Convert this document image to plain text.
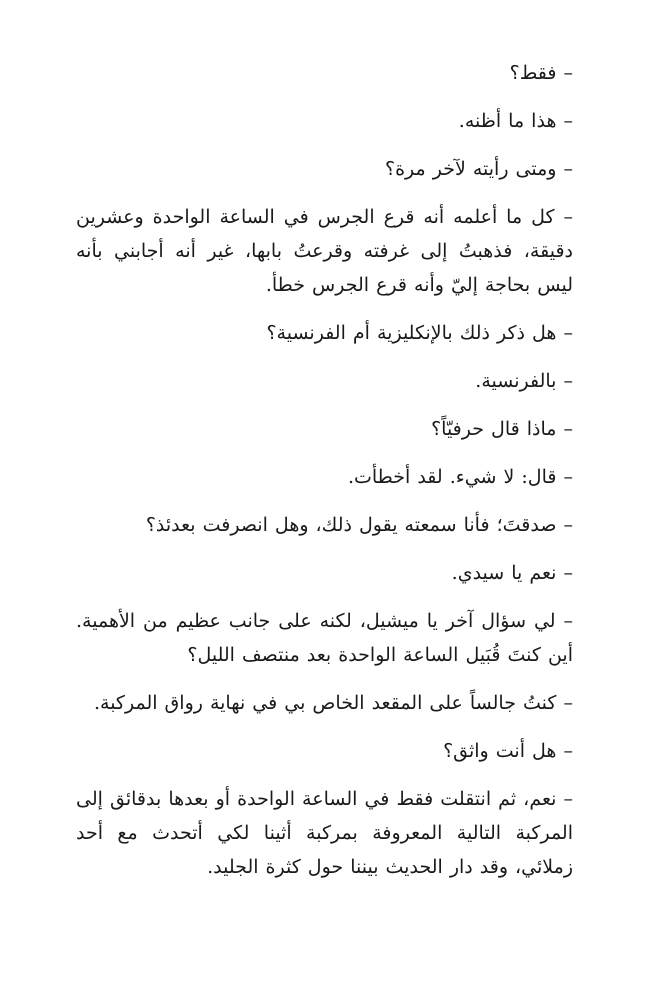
– فقط؟

– هذا ما أظنه.

– ومتى رأيته لآخر مرة؟

– كل ما أعلمه أنه قرع الجرس في الساعة الواحدة وعشرين دقيقة، فذهبتُ إلى غرفته وقرعتُ بابها، غير أنه أجابني بأنه ليس بحاجة إليّ وأنه قرع الجرس خطأ.

– هل ذكر ذلك بالإنكليزية أم الفرنسية؟

– بالفرنسية.

– ماذا قال حرفيّاً؟

– قال: لا شيء. لقد أخطأت.

– صدقتَ؛ فأنا سمعته يقول ذلك، وهل انصرفت بعدئذ؟

– نعم يا سيدي.

– لي سؤال آخر يا ميشيل، لكنه على جانب عظيم من الأهمية. أين كنتَ قُبَيل الساعة الواحدة بعد منتصف الليل؟

– كنتُ جالساً على المقعد الخاص بي في نهاية رواق المركبة.

– هل أنت واثق؟

– نعم، ثم انتقلت فقط في الساعة الواحدة أو بعدها بدقائق إلى المركبة التالية المعروفة بمركبة أثينا لكي أتحدث مع أحد زملائي، وقد دار الحديث بيننا حول كثرة الجليد.
